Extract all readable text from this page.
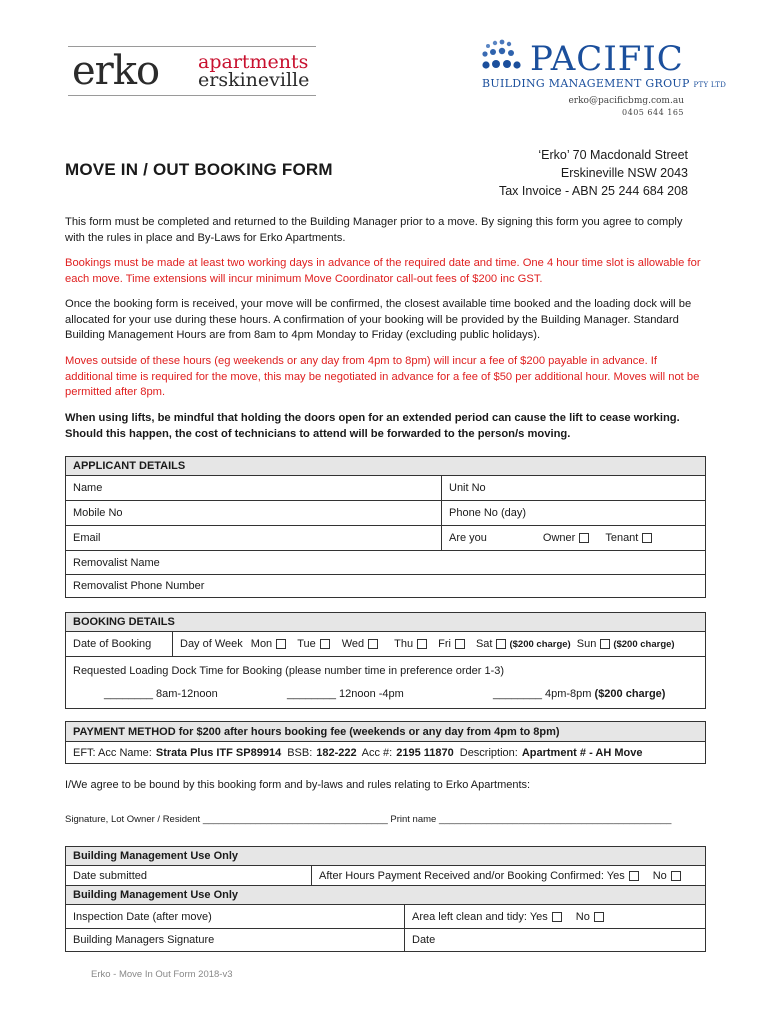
erko apartments
erskineville
PACIFIC
BUILDING MANAGEMENT GROUP PTY LTD
erko@pacificbmg.com.au
0405 644 165
‘Erko’ 70 Macdonald Street
Erskineville NSW 2043
Tax Invoice - ABN 25 244 684 208
MOVE IN / OUT BOOKING FORM
This form must be completed and returned to the Building Manager prior to a move. By signing this form you agree to comply with the rules in place and By-Laws for Erko Apartments.
Bookings must be made at least two working days in advance of the required date and time. One 4 hour time slot is allowable for each move. Time extensions will incur minimum Move Coordinator call-out fees of $200 inc GST.
Once the booking form is received, your move will be confirmed, the closest available time booked and the loading dock will be allocated for your use during these hours. A confirmation of your booking will be provided by the Building Manager. Standard Building Management Hours are from 8am to 4pm Monday to Friday (excluding public holidays).
Moves outside of these hours (eg weekends or any day from 4pm to 8pm) will incur a fee of $200 payable in advance. If additional time is required for the move, this may be negotiated in advance for a fee of $50 per additional hour. Moves will not be permitted after 8pm.
When using lifts, be mindful that holding the doors open for an extended period can cause the lift to cease working. Should this happen, the cost of technicians to attend will be forwarded to the person/s moving.
APPLICANT DETAILS
Name	Unit No
Mobile No	Phone No (day)
Email	Are you	Owner	Tenant
Removalist Name
Removalist Phone Number
BOOKING DETAILS
Date of Booking	Day of Week Mon Tue Wed	Thu Fri Sat ($200 charge) Sun ($200 charge)
Requested Loading Dock Time for Booking (please number time in preference order 1-3)
________ 8am-12noon	________ 12noon -4pm	________ 4pm-8pm ($200 charge)
PAYMENT METHOD for $200 after hours booking fee (weekends or any day from 4pm to 8pm)
EFT: Acc Name: Strata Plus ITF SP89914 BSB: 182-222 Acc #: 2195 11870 Description: Apartment # - AH Move
I/We agree to be bound by this booking form and by-laws and rules relating to Erko Apartments:
Signature, Lot Owner / Resident ___________________________________ Print name ____________________________________________
Building Management Use Only
Date submitted	After Hours Payment Received and/or Booking Confirmed: Yes	No
Building Management Use Only
Inspection Date (after move)	Area left clean and tidy: Yes	No
Building Managers Signature	Date
Erko - Move In Out Form 2018-v3
